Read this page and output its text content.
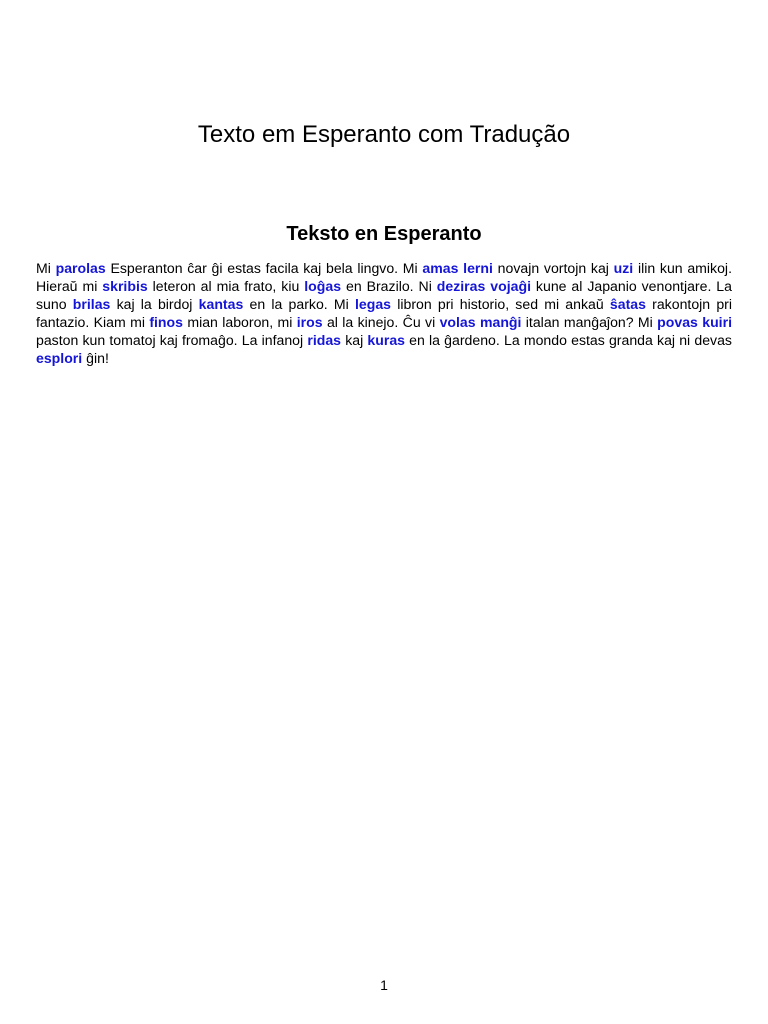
Texto em Esperanto com Tradução
Teksto en Esperanto

Mi parolas Esperanton ĉar ĝi estas facila kaj bela lingvo. Mi amas lerni novajn vortojn kaj uzi ilin kun amikoj. Hieraŭ mi skribis leteron al mia frato, kiu loĝas en Brazilo. Ni deziras vojaĝi kune al Japanio venontjare. La suno brilas kaj la birdoj kantas en la parko. Mi legas libron pri historio, sed mi ankaŭ ŝatas rakontojn pri fantazio. Kiam mi finos mian laboron, mi iros al la kinejo. Ĉu vi volas manĝi italan manĝaĵon? Mi povas kuiri paston kun tomatoj kaj fromaĝo. La infanoj ridas kaj kuras en la ĝardeno. La mondo estas granda kaj ni devas esplori ĝin!

1
